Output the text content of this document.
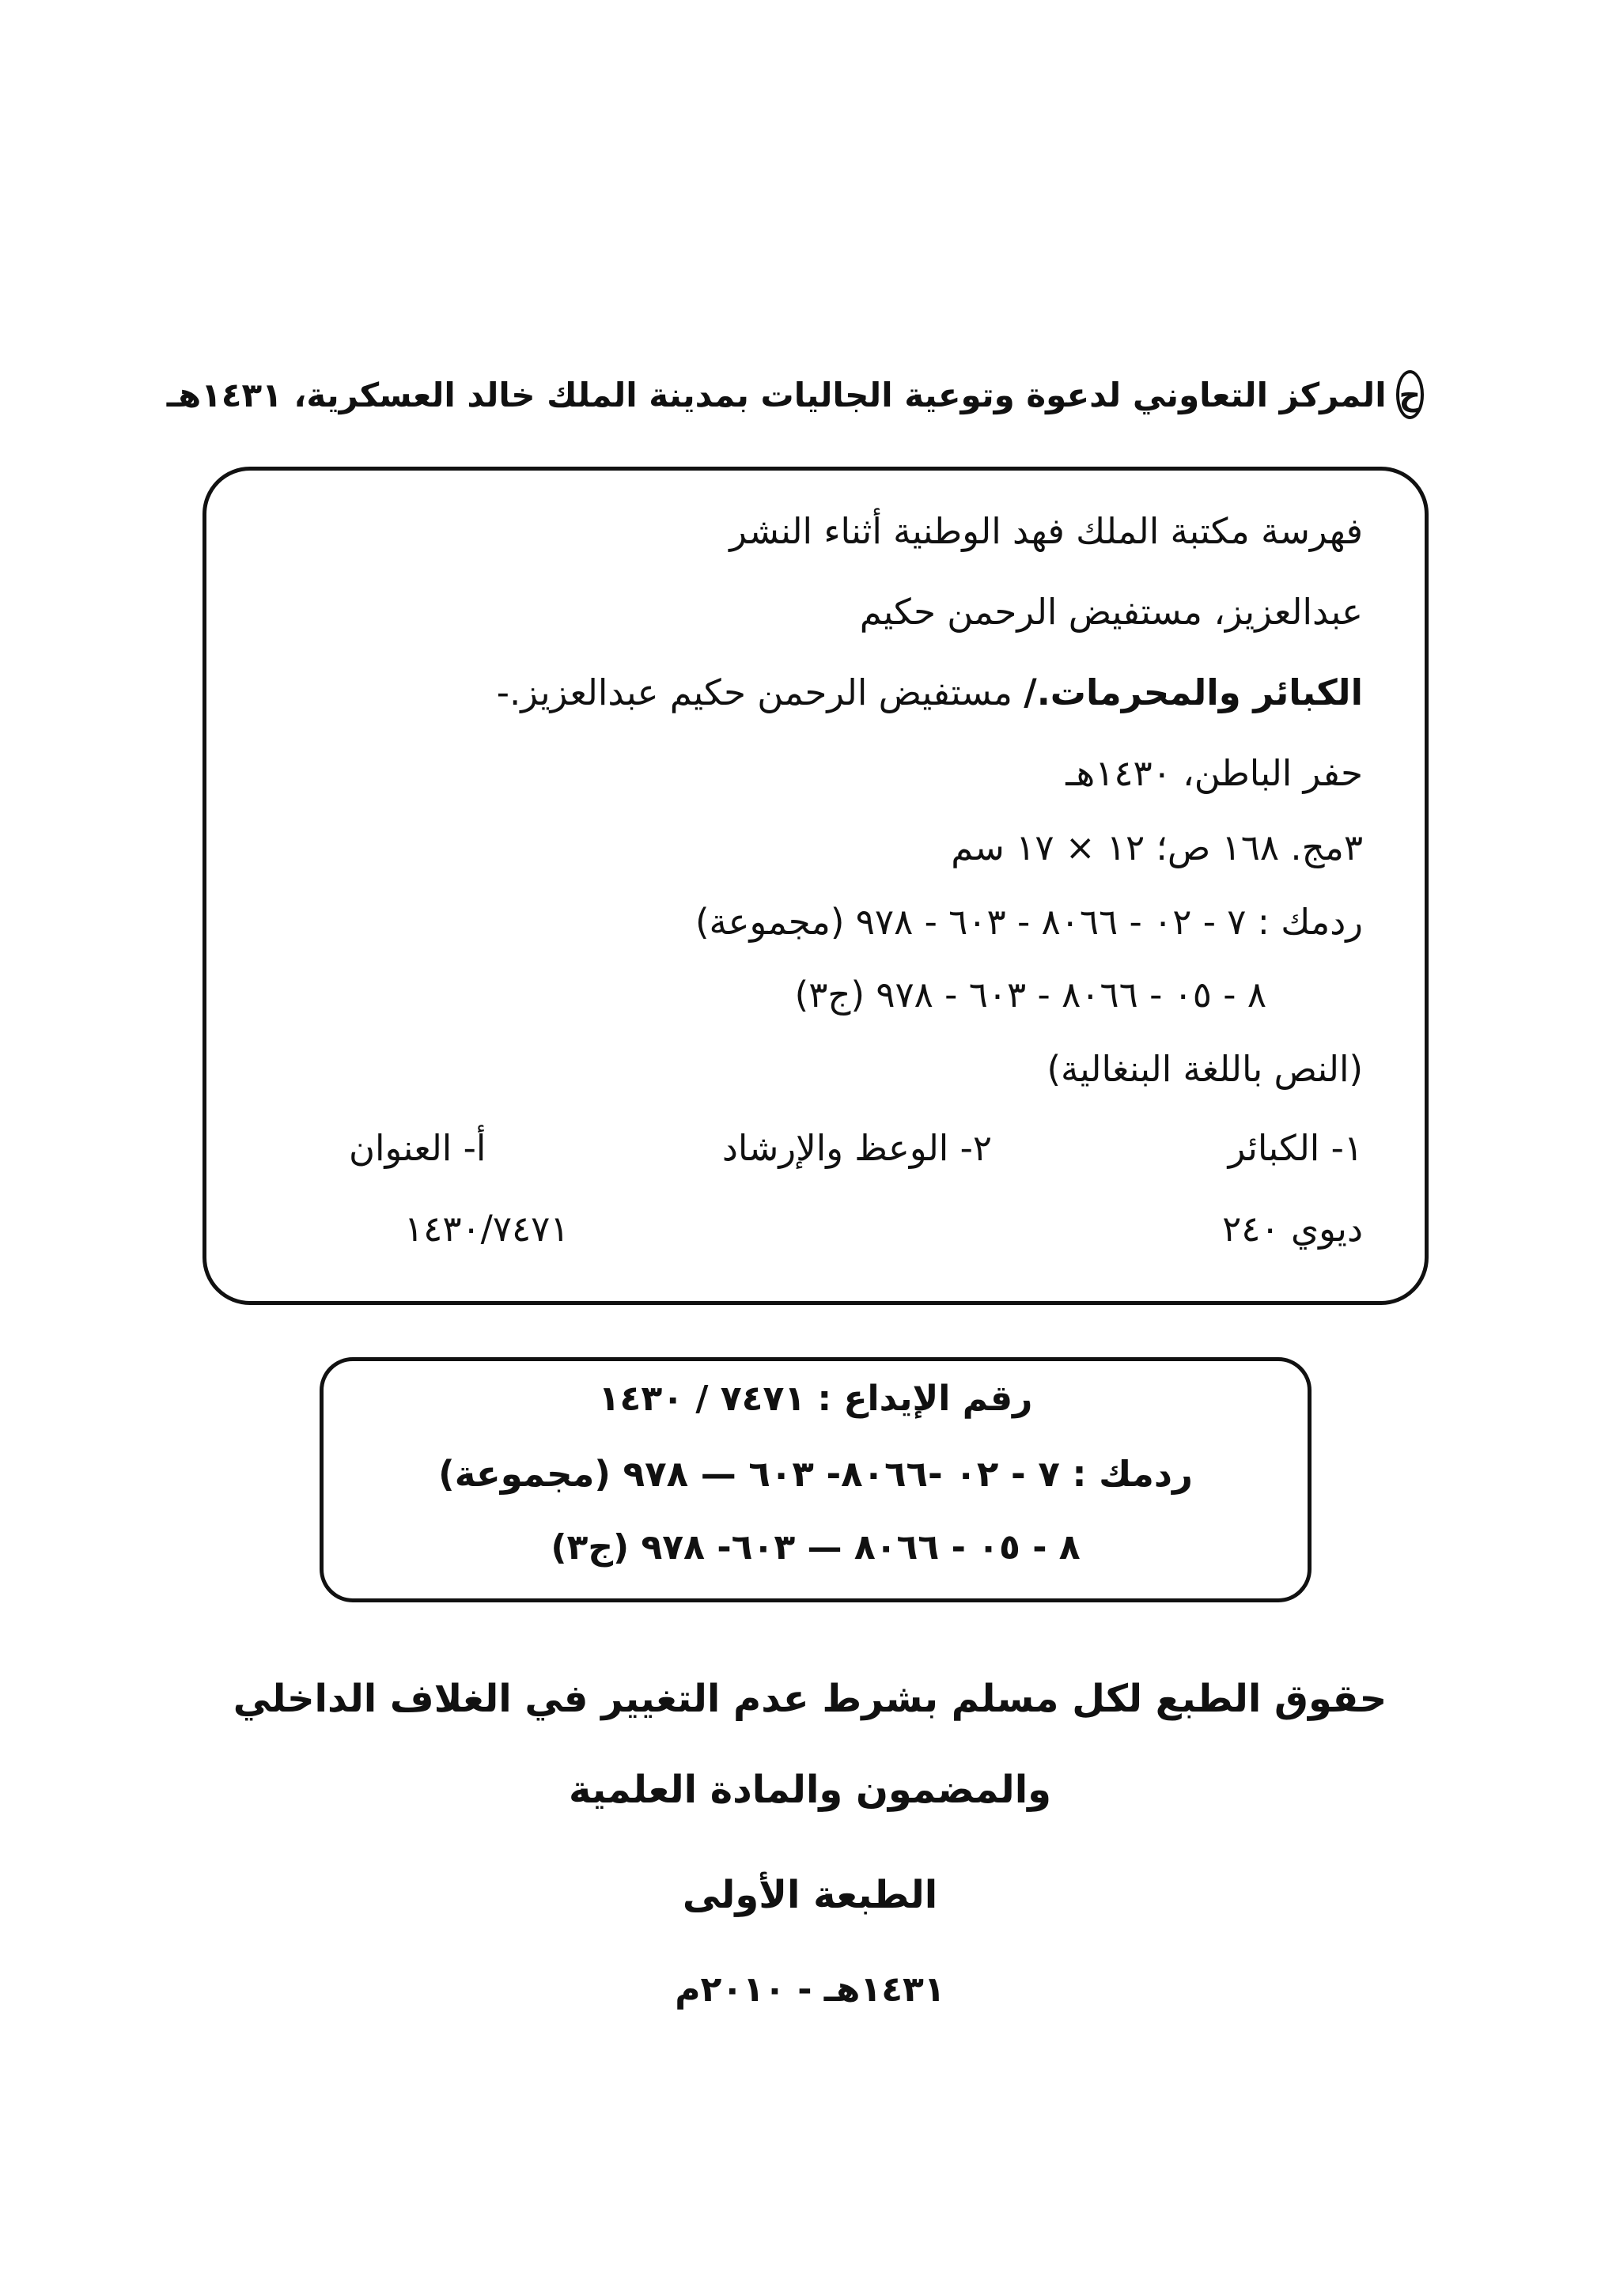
ح
المركز التعاوني لدعوة وتوعية الجاليات بمدينة الملك خالد العسكرية، ١٤٣١هـ
فهرسة مكتبة الملك فهد الوطنية أثناء النشر
عبدالعزيز، مستفيض الرحمن حكيم
الكبائر والمحرمات./ مستفيض الرحمن حكيم عبدالعزيز.-
حفر الباطن، ١٤٣٠هـ
٣مج. ١٦٨ ص؛ ١٢ × ١٧ سم
ردمك : ٧ - ٠٢ - ٨٠٦٦ - ٦٠٣ - ٩٧٨ (مجموعة)
٨ - ٠٥ - ٨٠٦٦ - ٦٠٣ - ٩٧٨ (ج٣)
(النص باللغة البنغالية)
١- الكبائر
٢- الوعظ والإرشاد
أ- العنوان
ديوي ٢٤٠
١٤٣٠/٧٤٧١
رقم الإيداع : ٧٤٧١ / ١٤٣٠
ردمك : ٧ - ٠٢ -٨٠٦٦- ٦٠٣ — ٩٧٨ (مجموعة)
٨ - ٠٥ - ٨٠٦٦ — ٦٠٣- ٩٧٨ (ج٣)
حقوق الطبع لكل مسلم بشرط عدم التغيير في الغلاف الداخلي
والمضمون والمادة العلمية
الطبعة الأولى
١٤٣١هـ - ٢٠١٠م
